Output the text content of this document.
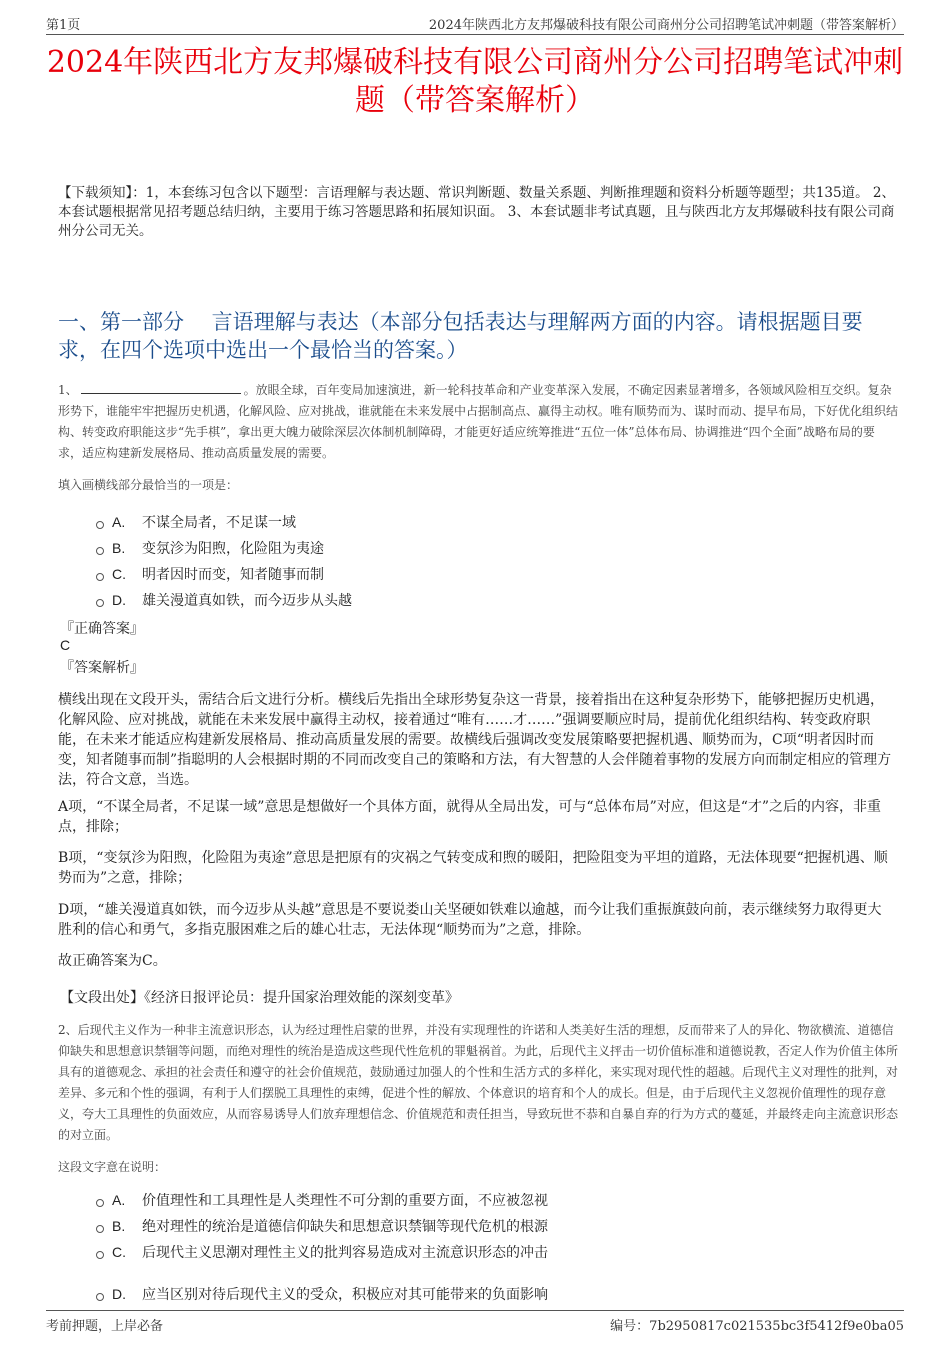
第1页	2024年陕西北方友邦爆破科技有限公司商州分公司招聘笔试冲刺题（带答案解析）
2024年陕西北方友邦爆破科技有限公司商州分公司招聘笔试冲刺题（带答案解析）
【下载须知】：1，本套练习包含以下题型：言语理解与表达题、常识判断题、数量关系题、判断推理题和资料分析题等题型；共135道。 2、本套试题根据常见招考题总结归纳，主要用于练习答题思路和拓展知识面。 3、本套试题非考试真题，且与陕西北方友邦爆破科技有限公司商州分公司无关。
一、第一部分　 言语理解与表达（本部分包括表达与理解两方面的内容。请根据题目要求，在四个选项中选出一个最恰当的答案。）
1、	。放眼全球，百年变局加速演进，新一轮科技革命和产业变革深入发展，不确定因素显著增多，各领域风险相互交织。复杂形势下，谁能牢牢把握历史机遇，化解风险、应对挑战，谁就能在未来发展中占据制高点、赢得主动权。唯有顺势而为、谋时而动、提早布局，下好优化组织结构、转变政府职能这步“先手棋”，拿出更大魄力破除深层次体制机制障碍，才能更好适应统筹推进“五位一体”总体布局、协调推进“四个全面”战略布局的要求，适应构建新发展格局、推动高质量发展的需要。
填入画横线部分最恰当的一项是：
A.	不谋全局者，不足谋一域
B.	变氛沴为阳煦，化险阻为夷途
C.	明者因时而变，知者随事而制
D.	雄关漫道真如铁，而今迈步从头越
『正确答案』
C
『答案解析』
横线出现在文段开头，需结合后文进行分析。横线后先指出全球形势复杂这一背景，接着指出在这种复杂形势下，能够把握历史机遇，化解风险、应对挑战，就能在未来发展中赢得主动权，接着通过“唯有……才……”强调要顺应时局，提前优化组织结构、转变政府职能，在未来才能适应构建新发展格局、推动高质量发展的需要。故横线后强调改变发展策略要把握机遇、顺势而为，C项“明者因时而变，知者随事而制”指聪明的人会根据时期的不同而改变自己的策略和方法，有大智慧的人会伴随着事物的发展方向而制定相应的管理方法，符合文意，当选。
A项，“不谋全局者，不足谋一域”意思是想做好一个具体方面，就得从全局出发，可与“总体布局”对应，但这是“才”之后的内容，非重点，排除；
B项，“变氛沴为阳煦，化险阻为夷途”意思是把原有的灾祸之气转变成和煦的暖阳，把险阻变为平坦的道路，无法体现要“把握机遇、顺势而为”之意，排除；
D项，“雄关漫道真如铁，而今迈步从头越”意思是不要说娄山关坚硬如铁难以逾越，而今让我们重振旗鼓向前，表示继续努力取得更大胜利的信心和勇气，多指克服困难之后的雄心壮志，无法体现“顺势而为”之意，排除。
故正确答案为C。
【文段出处】《经济日报评论员：提升国家治理效能的深刻变革》
2、后现代主义作为一种非主流意识形态，认为经过理性启蒙的世界，并没有实现理性的许诺和人类美好生活的理想，反而带来了人的异化、物欲横流、道德信仰缺失和思想意识禁锢等问题，而绝对理性的统治是造成这些现代性危机的罪魁祸首。为此，后现代主义抨击一切价值标准和道德说教，否定人作为价值主体所具有的道德观念、承担的社会责任和遵守的社会价值规范，鼓励通过加强人的个性和生活方式的多样化，来实现对现代性的超越。后现代主义对理性的批判，对差异、多元和个性的强调，有利于人们摆脱工具理性的束缚，促进个性的解放、个体意识的培育和个人的成长。但是，由于后现代主义忽视价值理性的现存意义，夸大工具理性的负面效应，从而容易诱导人们放弃理想信念、价值规范和责任担当，导致玩世不恭和自暴自弃的行为方式的蔓延，并最终走向主流意识形态的对立面。
这段文字意在说明：
A.	价值理性和工具理性是人类理性不可分割的重要方面，不应被忽视
B.	绝对理性的统治是道德信仰缺失和思想意识禁锢等现代危机的根源
C.	后现代主义思潮对理性主义的批判容易造成对主流意识形态的冲击
D.	应当区别对待后现代主义的受众，积极应对其可能带来的负面影响
考前押题，上岸必备	编号：7b2950817c021535bc3f5412f9e0ba05
